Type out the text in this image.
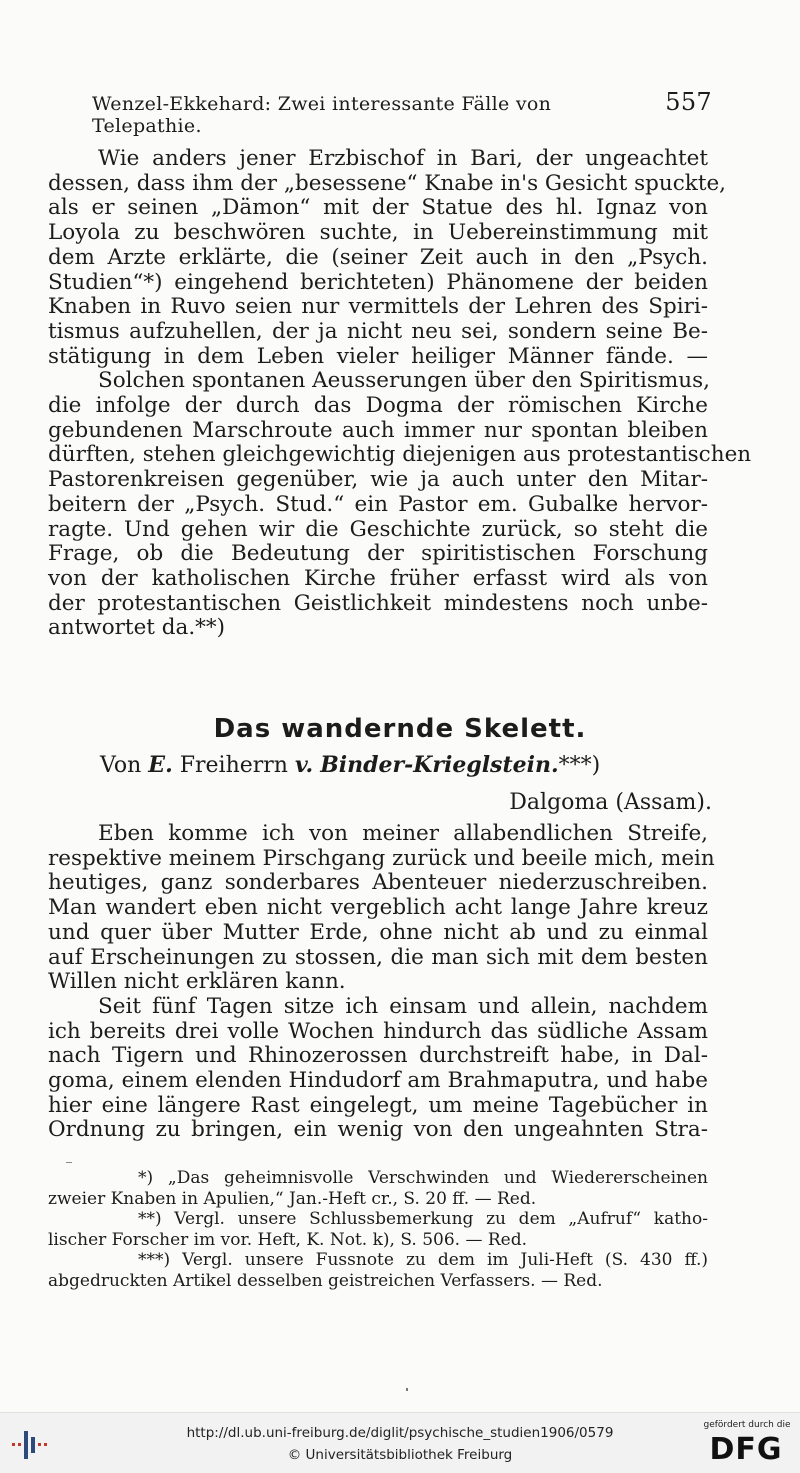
Wenzel-Ekkehard: Zwei interessante Fälle von Telepathie.
557

Wie anders jener Erzbischof in Bari, der ungeachtet
dessen, dass ihm der „besessene“ Knabe in's Gesicht spuckte,
als er seinen „Dämon“ mit der Statue des hl. Ignaz von
Loyola zu beschwören suchte, in Uebereinstimmung mit
dem Arzte erklärte, die (seiner Zeit auch in den „Psych.
Studien“*) eingehend berichteten) Phänomene der beiden
Knaben in Ruvo seien nur vermittels der Lehren des Spiri-
tismus aufzuhellen, der ja nicht neu sei, sondern seine Be-
stätigung in dem Leben vieler heiliger Männer fände. —

Solchen spontanen Aeusserungen über den Spiritismus,
die infolge der durch das Dogma der römischen Kirche
gebundenen Marschroute auch immer nur spontan bleiben
dürften, stehen gleichgewichtig diejenigen aus protestantischen
Pastorenkreisen gegenüber, wie ja auch unter den Mitar-
beitern der „Psych. Stud.“ ein Pastor em. Gubalke hervor-
ragte. Und gehen wir die Geschichte zurück, so steht die
Frage, ob die Bedeutung der spiritistischen Forschung
von der katholischen Kirche früher erfasst wird als von
der protestantischen Geistlichkeit mindestens noch unbe-
antwortet da.**)

Das wandernde Skelett.
Von E. Freiherrn v. Binder-Krieglstein.***)
Dalgoma (Assam).

Eben komme ich von meiner allabendlichen Streife,
respektive meinem Pirschgang zurück und beeile mich, mein
heutiges, ganz sonderbares Abenteuer niederzuschreiben.
Man wandert eben nicht vergeblich acht lange Jahre kreuz
und quer über Mutter Erde, ohne nicht ab und zu einmal
auf Erscheinungen zu stossen, die man sich mit dem besten
Willen nicht erklären kann.

Seit fünf Tagen sitze ich einsam und allein, nachdem
ich bereits drei volle Wochen hindurch das südliche Assam
nach Tigern und Rhinozerossen durchstreift habe, in Dal-
goma, einem elenden Hindudorf am Brahmaputra, und habe
hier eine längere Rast eingelegt, um meine Tagebücher in
Ordnung zu bringen, ein wenig von den ungeahnten Stra-

*) „Das geheimnisvolle Verschwinden und Wiedererscheinen
zweier Knaben in Apulien,“ Jan.-Heft cr., S. 20 ff. — Red.
**) Vergl. unsere Schlussbemerkung zu dem „Aufruf“ katho-
lischer Forscher im vor. Heft, K. Not. k), S. 506. — Red.
***) Vergl. unsere Fussnote zu dem im Juli-Heft (S. 430 ff.)
abgedruckten Artikel desselben geistreichen Verfassers. — Red.
http://dl.ub.uni-freiburg.de/diglit/psychische_studien1906/0579
© Universitätsbibliothek Freiburg
gefördert durch die
DFG
